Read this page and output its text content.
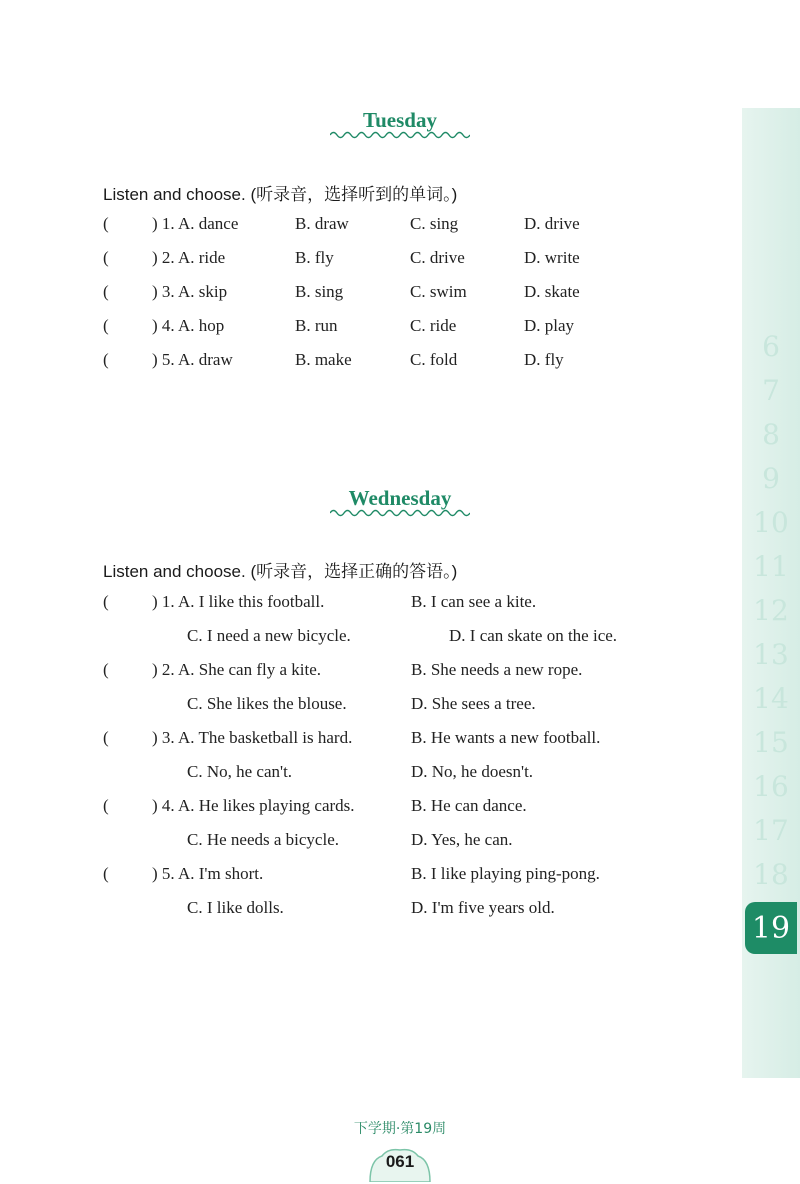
6
7
8
9
10
11
12
13
14
15
16
17
18
19
Tuesday
Listen and choose. (听录音，选择听到的单词。)
(	) 1. A. dance	B. draw	C. sing	D. drive
(	) 2. A. ride	B. fly	C. drive	D. write
(	) 3. A. skip	B. sing	C. swim	D. skate
(	) 4. A. hop	B. run	C. ride	D. play
(	) 5. A. draw	B. make	C. fold	D. fly
Wednesday
Listen and choose. (听录音，选择正确的答语。)
(	) 1. A. I like this football.	B. I can see a kite.
C. I need a new bicycle.	D. I can skate on the ice.
(	) 2. A. She can fly a kite.	B. She needs a new rope.
C. She likes the blouse.	D. She sees a tree.
(	) 3. A. The basketball is hard.	B. He wants a new football.
C. No, he can't.	D. No, he doesn't.
(	) 4. A. He likes playing cards.	B. He can dance.
C. He needs a bicycle.	D. Yes, he can.
(	) 5. A. I'm short.	B. I like playing ping-pong.
C. I like dolls.	D. I'm five years old.
下学期·第19周
061
